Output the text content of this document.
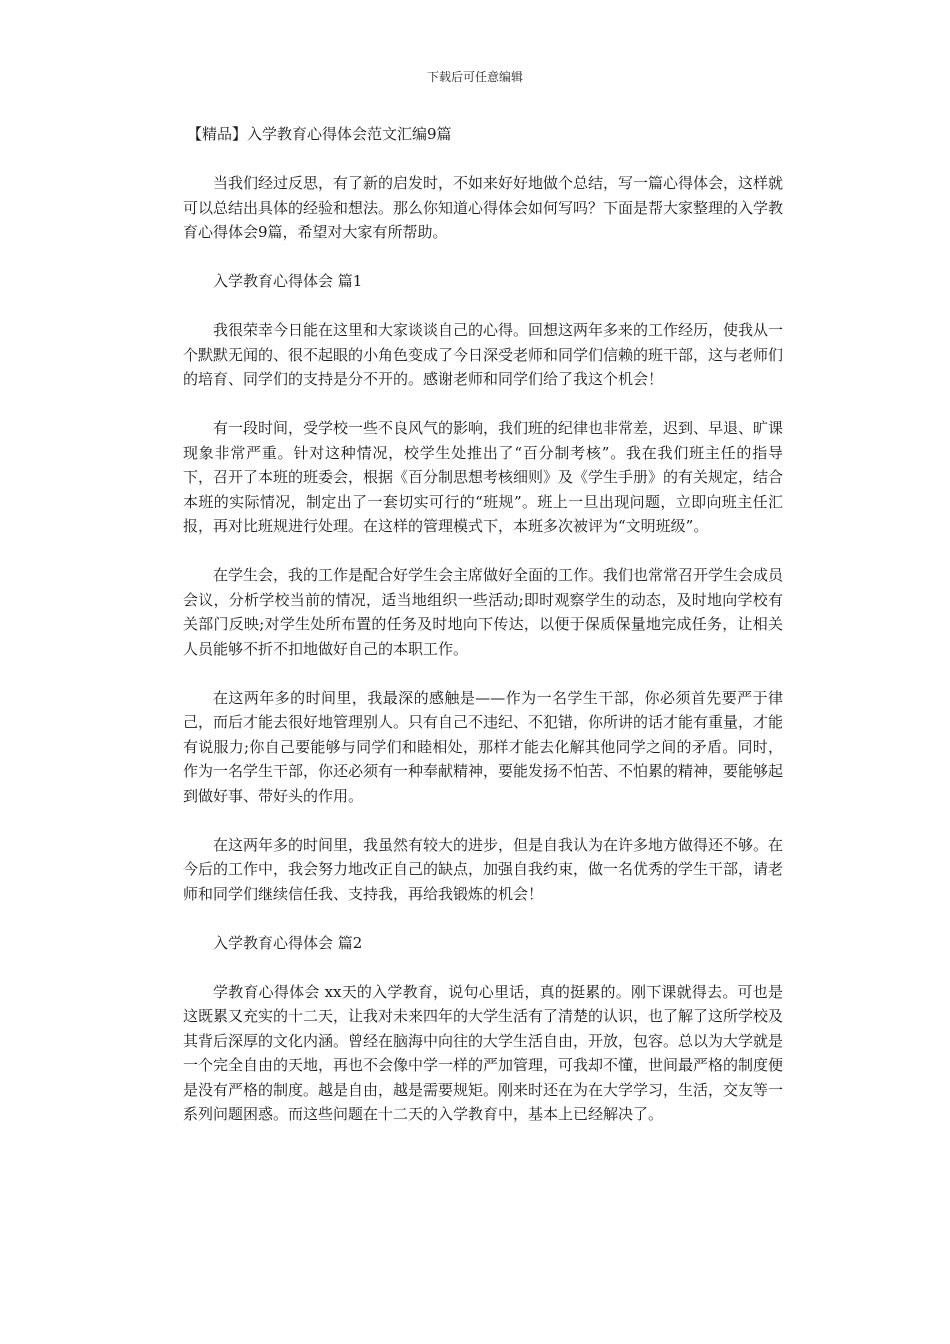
下载后可任意编辑
【精品】入学教育心得体会范文汇编9篇

当我们经过反思，有了新的启发时，不如来好好地做个总结，写一篇心得体会，这样就可以总结出具体的经验和想法。那么你知道心得体会如何写吗？下面是帮大家整理的入学教育心得体会9篇，希望对大家有所帮助。

入学教育心得体会 篇1

我很荣幸今日能在这里和大家谈谈自己的心得。回想这两年多来的工作经历，使我从一个默默无闻的、很不起眼的小角色变成了今日深受老师和同学们信赖的班干部，这与老师们的培育、同学们的支持是分不开的。感谢老师和同学们给了我这个机会！

有一段时间，受学校一些不良风气的影响，我们班的纪律也非常差，迟到、早退、旷课现象非常严重。针对这种情况，校学生处推出了“百分制考核”。我在我们班主任的指导下，召开了本班的班委会，根据《百分制思想考核细则》及《学生手册》的有关规定，结合本班的实际情况，制定出了一套切实可行的“班规”。班上一旦出现问题，立即向班主任汇报，再对比班规进行处理。在这样的管理模式下，本班多次被评为“文明班级”。

在学生会，我的工作是配合好学生会主席做好全面的工作。我们也常常召开学生会成员会议，分析学校当前的情况，适当地组织一些活动;即时观察学生的动态，及时地向学校有关部门反映;对学生处所布置的任务及时地向下传达，以便于保质保量地完成任务，让相关人员能够不折不扣地做好自己的本职工作。

在这两年多的时间里，我最深的感触是——作为一名学生干部，你必须首先要严于律己，而后才能去很好地管理别人。只有自己不违纪、不犯错，你所讲的话才能有重量，才能有说服力;你自己要能够与同学们和睦相处，那样才能去化解其他同学之间的矛盾。同时，作为一名学生干部，你还必须有一种奉献精神，要能发扬不怕苦、不怕累的精神，要能够起到做好事、带好头的作用。

在这两年多的时间里，我虽然有较大的进步，但是自我认为在许多地方做得还不够。在今后的工作中，我会努力地改正自己的缺点，加强自我约束，做一名优秀的学生干部，请老师和同学们继续信任我、支持我，再给我锻炼的机会！

入学教育心得体会 篇2

学教育心得体会 xx天的入学教育，说句心里话，真的挺累的。刚下课就得去。可也是这既累又充实的十二天，让我对未来四年的大学生活有了清楚的认识，也了解了这所学校及其背后深厚的文化内涵。曾经在脑海中向往的大学生活自由，开放，包容。总以为大学就是一个完全自由的天地，再也不会像中学一样的严加管理，可我却不懂，世间最严格的制度便是没有严格的制度。越是自由，越是需要规矩。刚来时还在为在大学学习，生活，交友等一系列问题困惑。而这些问题在十二天的入学教育中，基本上已经解决了。
